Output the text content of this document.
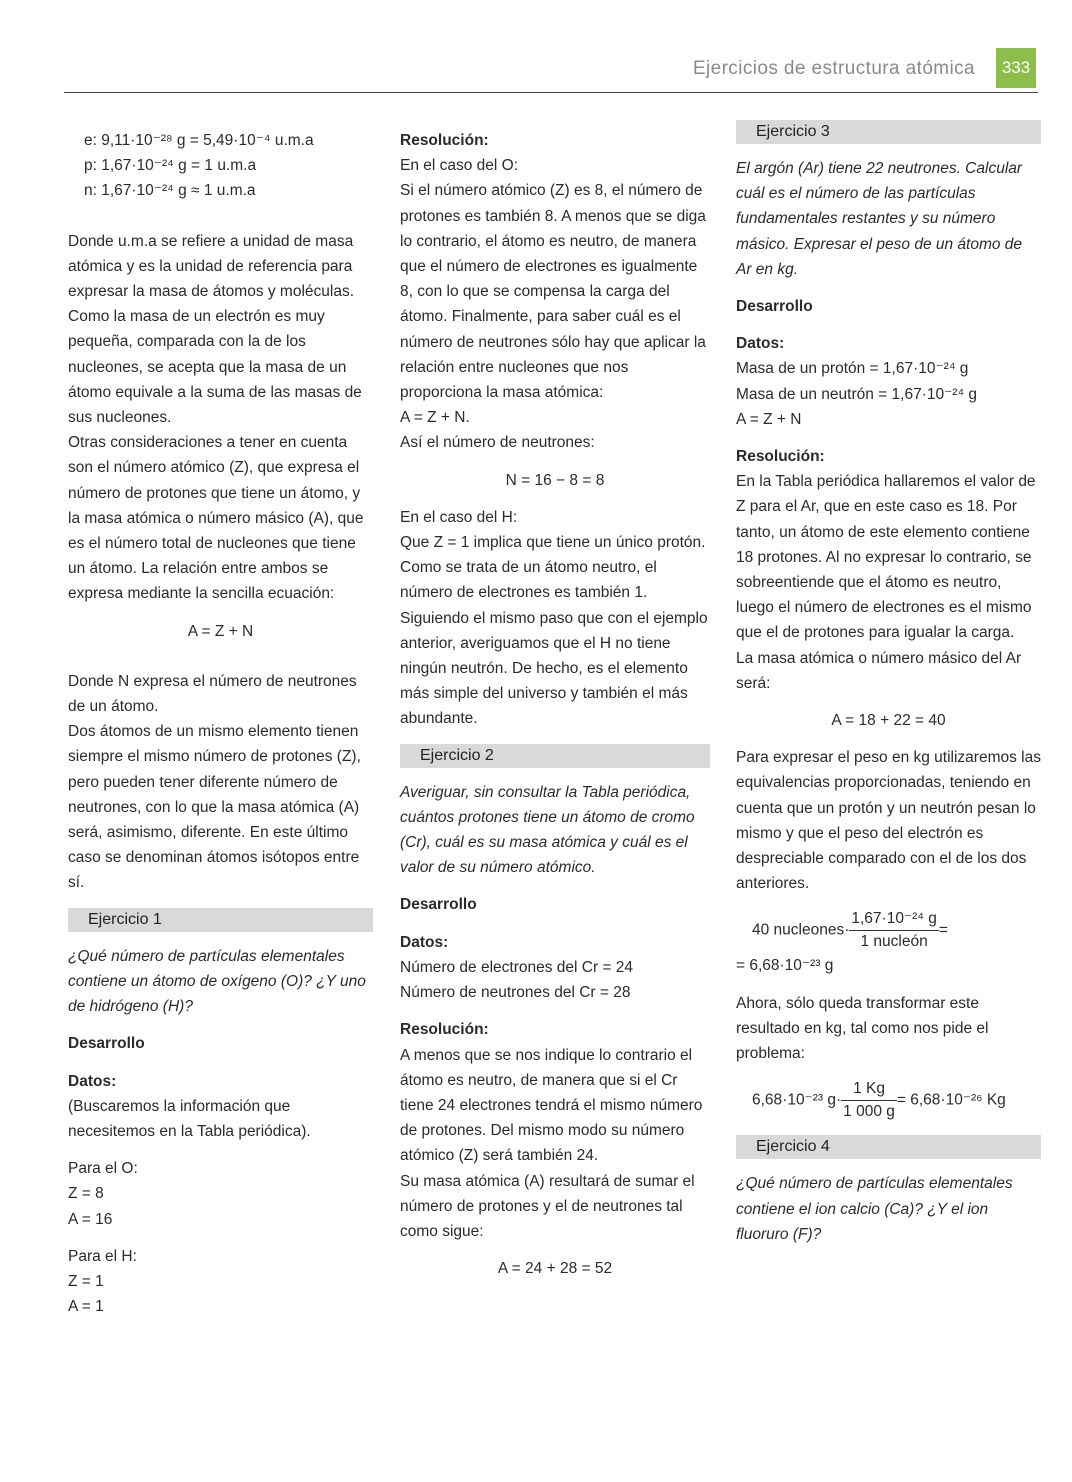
Ejercicios de estructura atómica	333

e: 9,11·10⁻²⁸ g = 5,49·10⁻⁴ u.m.a

p: 1,67·10⁻²⁴ g = 1 u.m.a

n: 1,67·10⁻²⁴ g ≈ 1 u.m.a

Donde u.m.a se refiere a unidad de masa atómica y es la unidad de referencia para expresar la masa de átomos y moléculas. Como la masa de un electrón es muy pequeña, comparada con la de los nucleones, se acepta que la masa de un átomo equivale a la suma de las masas de sus nucleones.

Otras consideraciones a tener en cuenta son el número atómico (Z), que expresa el número de protones que tiene un átomo, y la masa atómica o número másico (A), que es el número total de nucleones que tiene un átomo. La relación entre ambos se expresa mediante la sencilla ecuación:

A = Z + N

Donde N expresa el número de neutrones de un átomo.

Dos átomos de un mismo elemento tienen siempre el mismo número de protones (Z), pero pueden tener diferente número de neutrones, con lo que la masa atómica (A) será, asimismo, diferente. En este último caso se denominan átomos isótopos entre sí.

Ejercicio 1

¿Qué número de partículas elementales contiene un átomo de oxígeno (O)? ¿Y uno de hidrógeno (H)?

Desarrollo

Datos:

(Buscaremos la información que necesitemos en la Tabla periódica).

Para el O:

Z = 8

A = 16

Para el H:

Z = 1

A = 1

Resolución:

En el caso del O:

Si el número atómico (Z) es 8, el número de protones es también 8. A menos que se diga lo contrario, el átomo es neutro, de manera que el número de electrones es igualmente 8, con lo que se compensa la carga del átomo. Finalmente, para saber cuál es el número de neutrones sólo hay que aplicar la relación entre nucleones que nos proporciona la masa atómica:

A = Z + N.

Así el número de neutrones:

N = 16 − 8 = 8

En el caso del H:

Que Z = 1 implica que tiene un único protón. Como se trata de un átomo neutro, el número de electrones es también 1. Siguiendo el mismo paso que con el ejemplo anterior, averiguamos que el H no tiene ningún neutrón. De hecho, es el elemento más simple del universo y también el más abundante.

Ejercicio 2

Averiguar, sin consultar la Tabla periódica, cuántos protones tiene un átomo de cromo (Cr), cuál es su masa atómica y cuál es el valor de su número atómico.

Desarrollo

Datos:

Número de electrones del Cr = 24

Número de neutrones del Cr = 28

Resolución:

A menos que se nos indique lo contrario el átomo es neutro, de manera que si el Cr tiene 24 electrones tendrá el mismo número de protones. Del mismo modo su número atómico (Z) será también 24.

Su masa atómica (A) resultará de sumar el número de protones y el de neutrones tal como sigue:

A = 24 + 28 = 52

Ejercicio 3

El argón (Ar) tiene 22 neutrones. Calcular cuál es el número de las partículas fundamentales restantes y su número másico. Expresar el peso de un átomo de Ar en kg.

Desarrollo

Datos:

Masa de un protón = 1,67·10⁻²⁴ g

Masa de un neutrón = 1,67·10⁻²⁴ g

A = Z + N

Resolución:

En la Tabla periódica hallaremos el valor de Z para el Ar, que en este caso es 18. Por tanto, un átomo de este elemento contiene 18 protones. Al no expresar lo contrario, se sobreentiende que el átomo es neutro, luego el número de electrones es el mismo que el de protones para igualar la carga.

La masa atómica o número másico del Ar será:

A = 18 + 22 = 40

Para expresar el peso en kg utilizaremos las equivalencias proporcionadas, teniendo en cuenta que un protón y un neutrón pesan lo mismo y que el peso del electrón es despreciable comparado con el de los dos anteriores.

40 nucleones· $\frac{\text{1,67·10⁻²⁴ g}}{\text{1 nucleón}}$ =

= 6,68·10⁻²³ g

Ahora, sólo queda transformar este resultado en kg, tal como nos pide el problema:

6,68·10⁻²³ $g\cdot \frac{1 Kg}{1 000 g} = 6,68\cdot 10^{-26}$ Kg

Ejercicio 4

¿Qué número de partículas elementales contiene el ion calcio (Ca)? ¿Y el ion fluoruro (F)?
